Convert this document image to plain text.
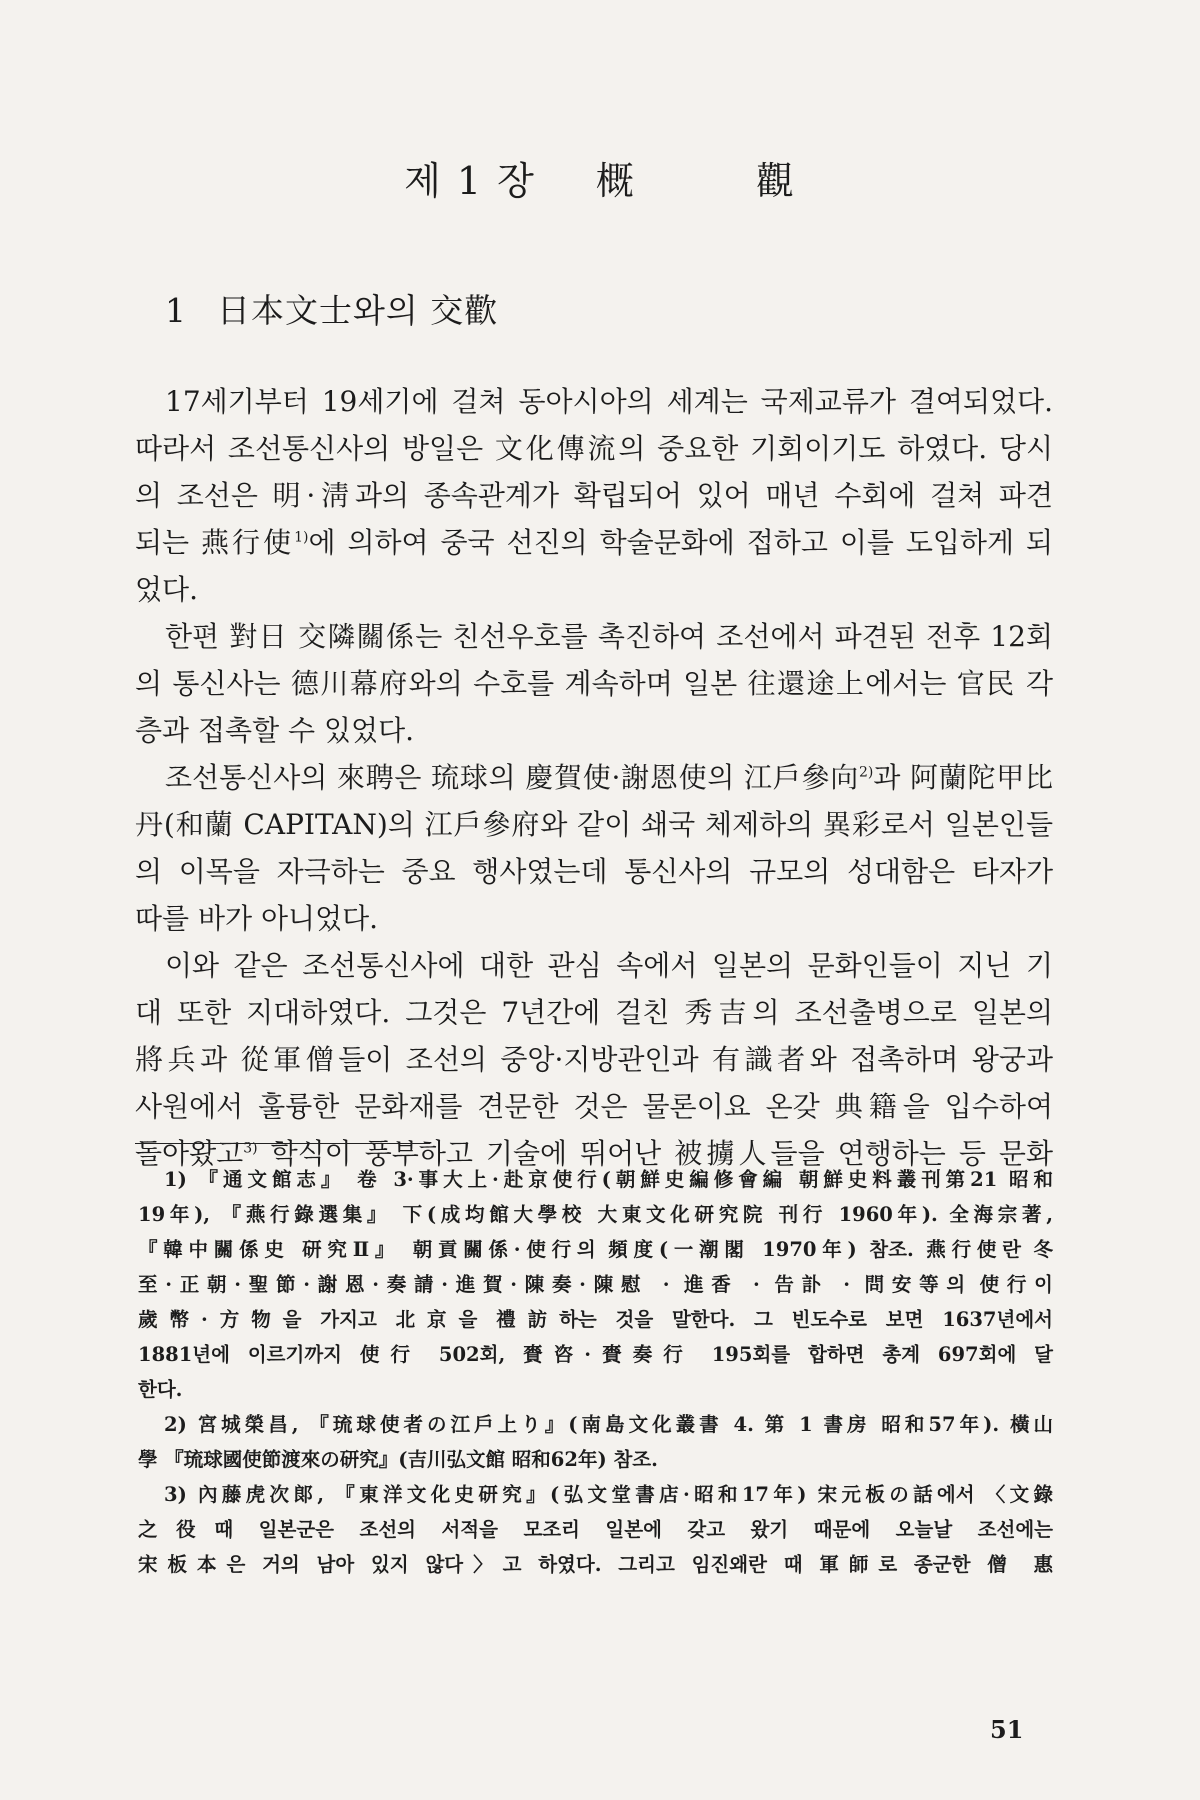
제 1 장 概	觀
1 日本文士와의 交歡
17세기부터 19세기에 걸쳐 동아시아의 세계는 국제교류가 결여되었다.
따라서 조선통신사의 방일은 文化傳流의 중요한 기회이기도 하였다. 당시
의 조선은 明·淸과의 종속관계가 확립되어 있어 매년 수회에 걸쳐 파견
되는 燕行使$^{1)}$에 의하여 중국 선진의 학술문화에 접하고 이를 도입하게 되
었다.
한편 對日 交隣關係는 친선우호를 촉진하여 조선에서 파견된 전후 12회
의 통신사는 德川幕府와의 수호를 계속하며 일본 往還途上에서는 官民 각
층과 접촉할 수 있었다.
조선통신사의 來聘은 琉球의 慶賀使·謝恩使의 江戶參向$^{2)}$과 阿蘭陀甲比
丹(和蘭 CAPITAN)의 江戶參府와 같이 쇄국 체제하의 異彩로서 일본인들
의 이목을 자극하는 중요 행사였는데 통신사의 규모의 성대함은 타자가
따를 바가 아니었다.
이와 같은 조선통신사에 대한 관심 속에서 일본의 문화인들이 지닌 기
대 또한 지대하였다. 그것은 7년간에 걸친 秀吉의 조선출병으로 일본의
將兵과 從軍僧들이 조선의 중앙·지방관인과 有識者와 접촉하며 왕궁과
사원에서 훌륭한 문화재를 견문한 것은 물론이요 온갖 典籍을 입수하여
돌아왔고$^{3)}$ 학식이 풍부하고 기술에 뛰어난 被擄人들을 연행하는 등 문화
1) 『通文館志』 卷 3·事大上·赴京使行(朝鮮史編修會編 朝鮮史料叢刊第21 昭和
19年), 『燕行錄選集』 下(成均館大學校 大東文化研究院 刊行 1960年). 全海宗著,
『韓中關係史 研究Ⅱ』 朝貢關係·使行의 頻度(一潮閣 1970年) 참조. 燕行使란 冬
至·正朝·聖節·謝恩·奏請·進賀·陳奏·陳慰 · 進香 · 告訃 · 問安等의 使行이
歲幣·方物을 가지고 北京을 禮訪하는 것을 말한다. 그 빈도수로 보면 1637년에서
1881년에 이르기까지 使行 502회, 賚咨·賚奏行 195회를 합하면 총계 697회에 달
한다.
2) 宮城榮昌, 『琉球使者の江戶上り』(南島文化叢書 4. 第 1 書房 昭和57年). 橫山
學 『琉球國使節渡來の研究』(吉川弘文館 昭和62年) 참조.
3) 內藤虎次郞, 『東洋文化史研究』(弘文堂書店·昭和17年) 宋元板の話에서 〈文錄
之役때 일본군은 조선의 서적을 모조리 일본에 갖고 왔기 때문에 오늘날 조선에는
宋板本은 거의 남아 있지 않다〉고 하였다. 그리고 임진왜란 때 軍師로 종군한 僧 惠
51
